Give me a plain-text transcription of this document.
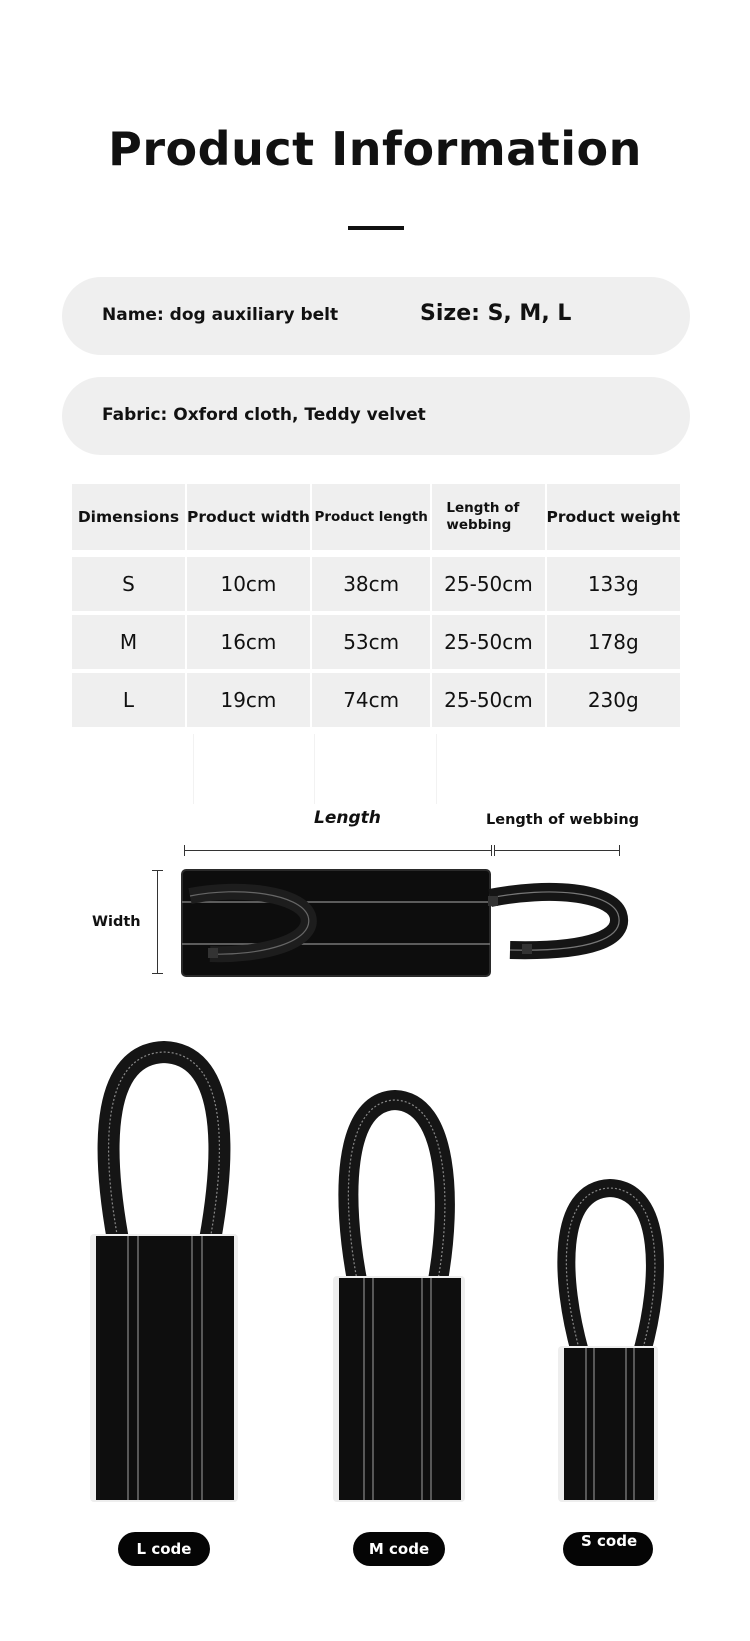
Product Information
Name: dog auxiliary belt	Size: S, M, L
Fabric: Oxford cloth, Teddy velvet
Dimensions	Product width	Product length	Length of webbing	Product weight

S	10cm	38cm	25-50cm	133g
M	16cm	53cm	25-50cm	178g
L	19cm	74cm	25-50cm	230g
Length	Length of webbing
Width
L code	M code	S code
